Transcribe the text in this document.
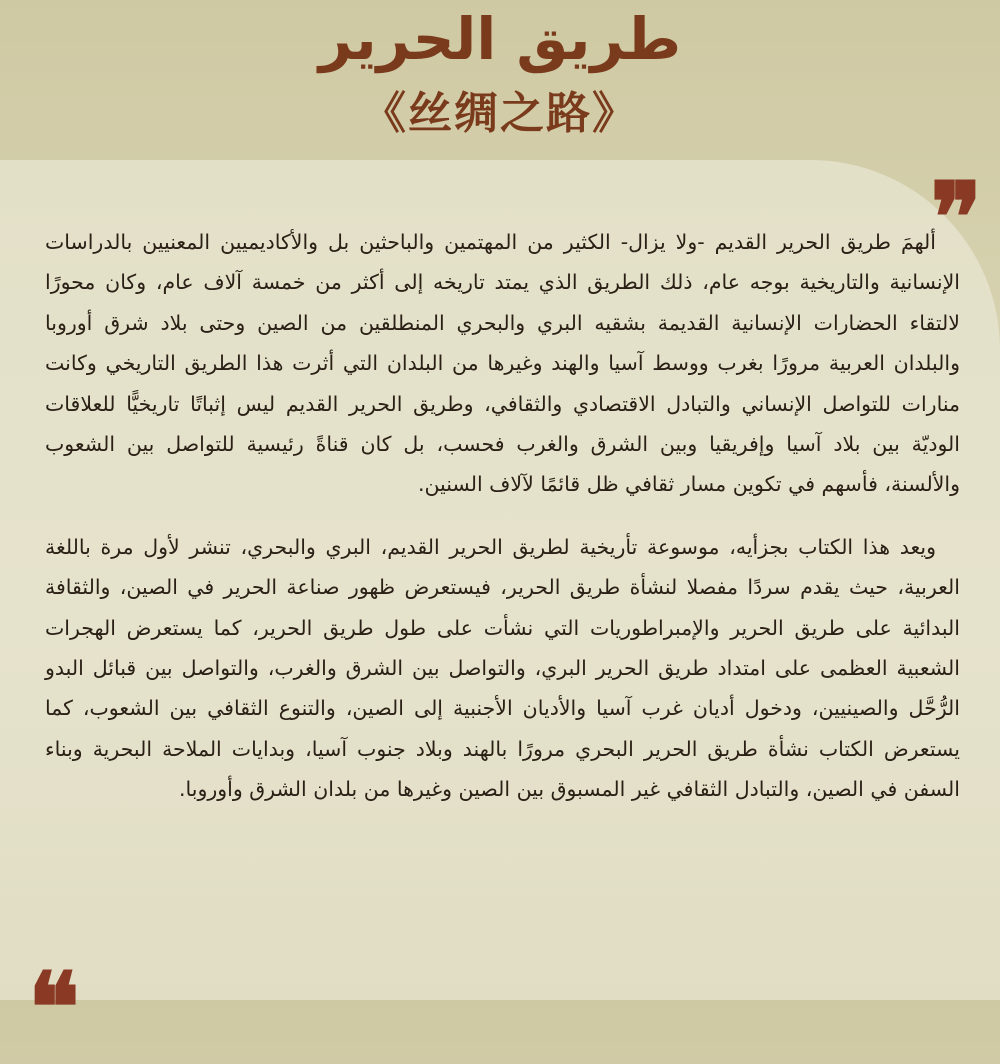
طريق الحرير
《丝绸之路》
❞

ألهمَ طريق الحرير القديم -ولا يزال- الكثير من المهتمين والباحثين بل والأكاديميين المعنيين بالدراسات الإنسانية والتاريخية بوجه عام، ذلك الطريق الذي يمتد تاريخه إلى أكثر من خمسة آلاف عام، وكان محورًا لالتقاء الحضارات الإنسانية القديمة بشقيه البري والبحري المنطلقين من الصين وحتى بلاد شرق أوروبا والبلدان العربية مرورًا بغرب ووسط آسيا والهند وغيرها من البلدان التي أثرت هذا الطريق التاريخي وكانت منارات للتواصل الإنساني والتبادل الاقتصادي والثقافي، وطريق الحرير القديم ليس إثباتًا تاريخيًّا للعلاقات الوديّة بين بلاد آسيا وإفريقيا وبين الشرق والغرب فحسب، بل كان قناةً رئيسية للتواصل بين الشعوب والألسنة، فأسهم في تكوين مسار ثقافي ظل قائمًا لآلاف السنين.

ويعد هذا الكتاب بجزأيه، موسوعة تأريخية لطريق الحرير القديم، البري والبحري، تنشر لأول مرة باللغة العربية، حيث يقدم سردًا مفصلا لنشأة طريق الحرير، فيستعرض ظهور صناعة الحرير في الصين، والثقافة البدائية على طريق الحرير والإمبراطوريات التي نشأت على طول طريق الحرير، كما يستعرض الهجرات الشعبية العظمى على امتداد طريق الحرير البري، والتواصل بين الشرق والغرب، والتواصل بين قبائل البدو الرُّحَّل والصينيين، ودخول أديان غرب آسيا والأديان الأجنبية إلى الصين، والتنوع الثقافي بين الشعوب، كما يستعرض الكتاب نشأة طريق الحرير البحري مرورًا بالهند وبلاد جنوب آسيا، وبدايات الملاحة البحرية وبناء السفن في الصين، والتبادل الثقافي غير المسبوق بين الصين وغيرها من بلدان الشرق وأوروبا.

❝
